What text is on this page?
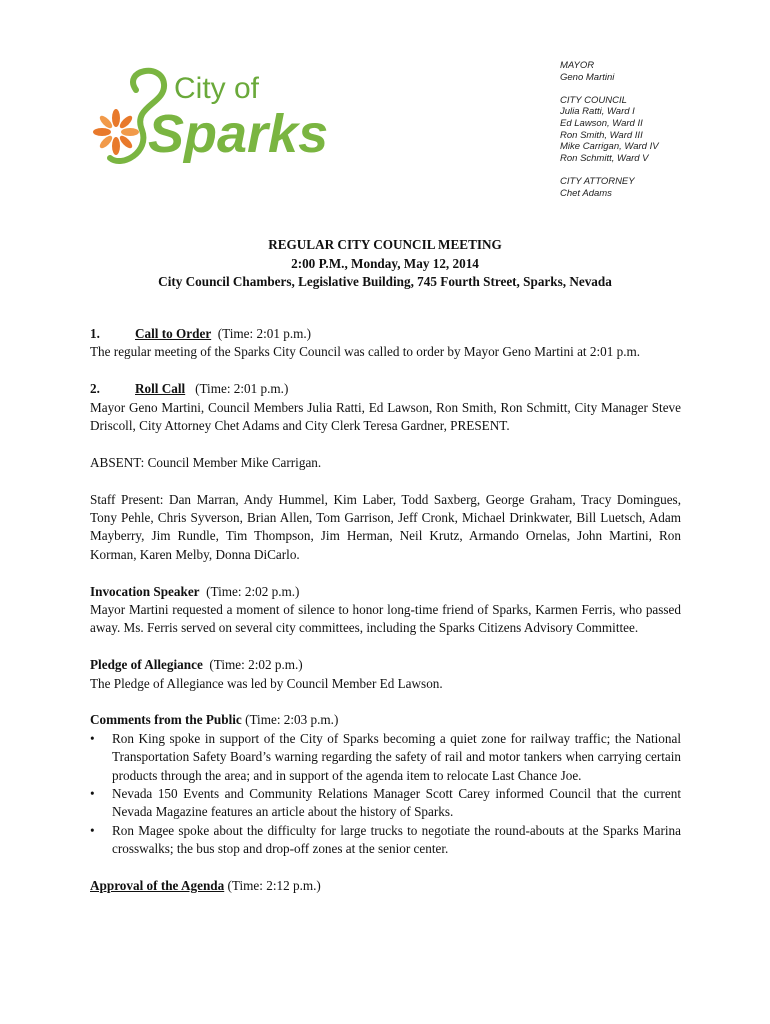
City of
Sparks
MAYOR
Geno Martini
CITY COUNCIL
Julia Ratti, Ward I
Ed Lawson, Ward II
Ron Smith, Ward III
Mike Carrigan, Ward IV
Ron Schmitt, Ward V
CITY ATTORNEY
Chet Adams
REGULAR CITY COUNCIL MEETING
2:00 P.M., Monday, May 12, 2014
City Council Chambers, Legislative Building, 745 Fourth Street, Sparks, Nevada

1.	Call to Order (Time: 2:01 p.m.)
The regular meeting of the Sparks City Council was called to order by Mayor Geno Martini at 2:01 p.m.

2.	Roll Call (Time: 2:01 p.m.)
Mayor Geno Martini, Council Members Julia Ratti, Ed Lawson, Ron Smith, Ron Schmitt, City Manager Steve Driscoll, City Attorney Chet Adams and City Clerk Teresa Gardner, PRESENT.

ABSENT: Council Member Mike Carrigan.

Staff Present: Dan Marran, Andy Hummel, Kim Laber, Todd Saxberg, George Graham, Tracy Domingues, Tony Pehle, Chris Syverson, Brian Allen, Tom Garrison, Jeff Cronk, Michael Drinkwater, Bill Luetsch, Adam Mayberry, Jim Rundle, Tim Thompson, Jim Herman, Neil Krutz, Armando Ornelas, John Martini, Ron Korman, Karen Melby, Donna DiCarlo.

Invocation Speaker (Time: 2:02 p.m.)
Mayor Martini requested a moment of silence to honor long-time friend of Sparks, Karmen Ferris, who passed away. Ms. Ferris served on several city committees, including the Sparks Citizens Advisory Committee.

Pledge of Allegiance (Time: 2:02 p.m.)
The Pledge of Allegiance was led by Council Member Ed Lawson.

Comments from the Public (Time: 2:03 p.m.)
• Ron King spoke in support of the City of Sparks becoming a quiet zone for railway traffic; the National Transportation Safety Board’s warning regarding the safety of rail and motor tankers when carrying certain products through the area; and in support of the agenda item to relocate Last Chance Joe.
• Nevada 150 Events and Community Relations Manager Scott Carey informed Council that the current Nevada Magazine features an article about the history of Sparks.
• Ron Magee spoke about the difficulty for large trucks to negotiate the round-abouts at the Sparks Marina crosswalks; the bus stop and drop-off zones at the senior center.

Approval of the Agenda (Time: 2:12 p.m.)
